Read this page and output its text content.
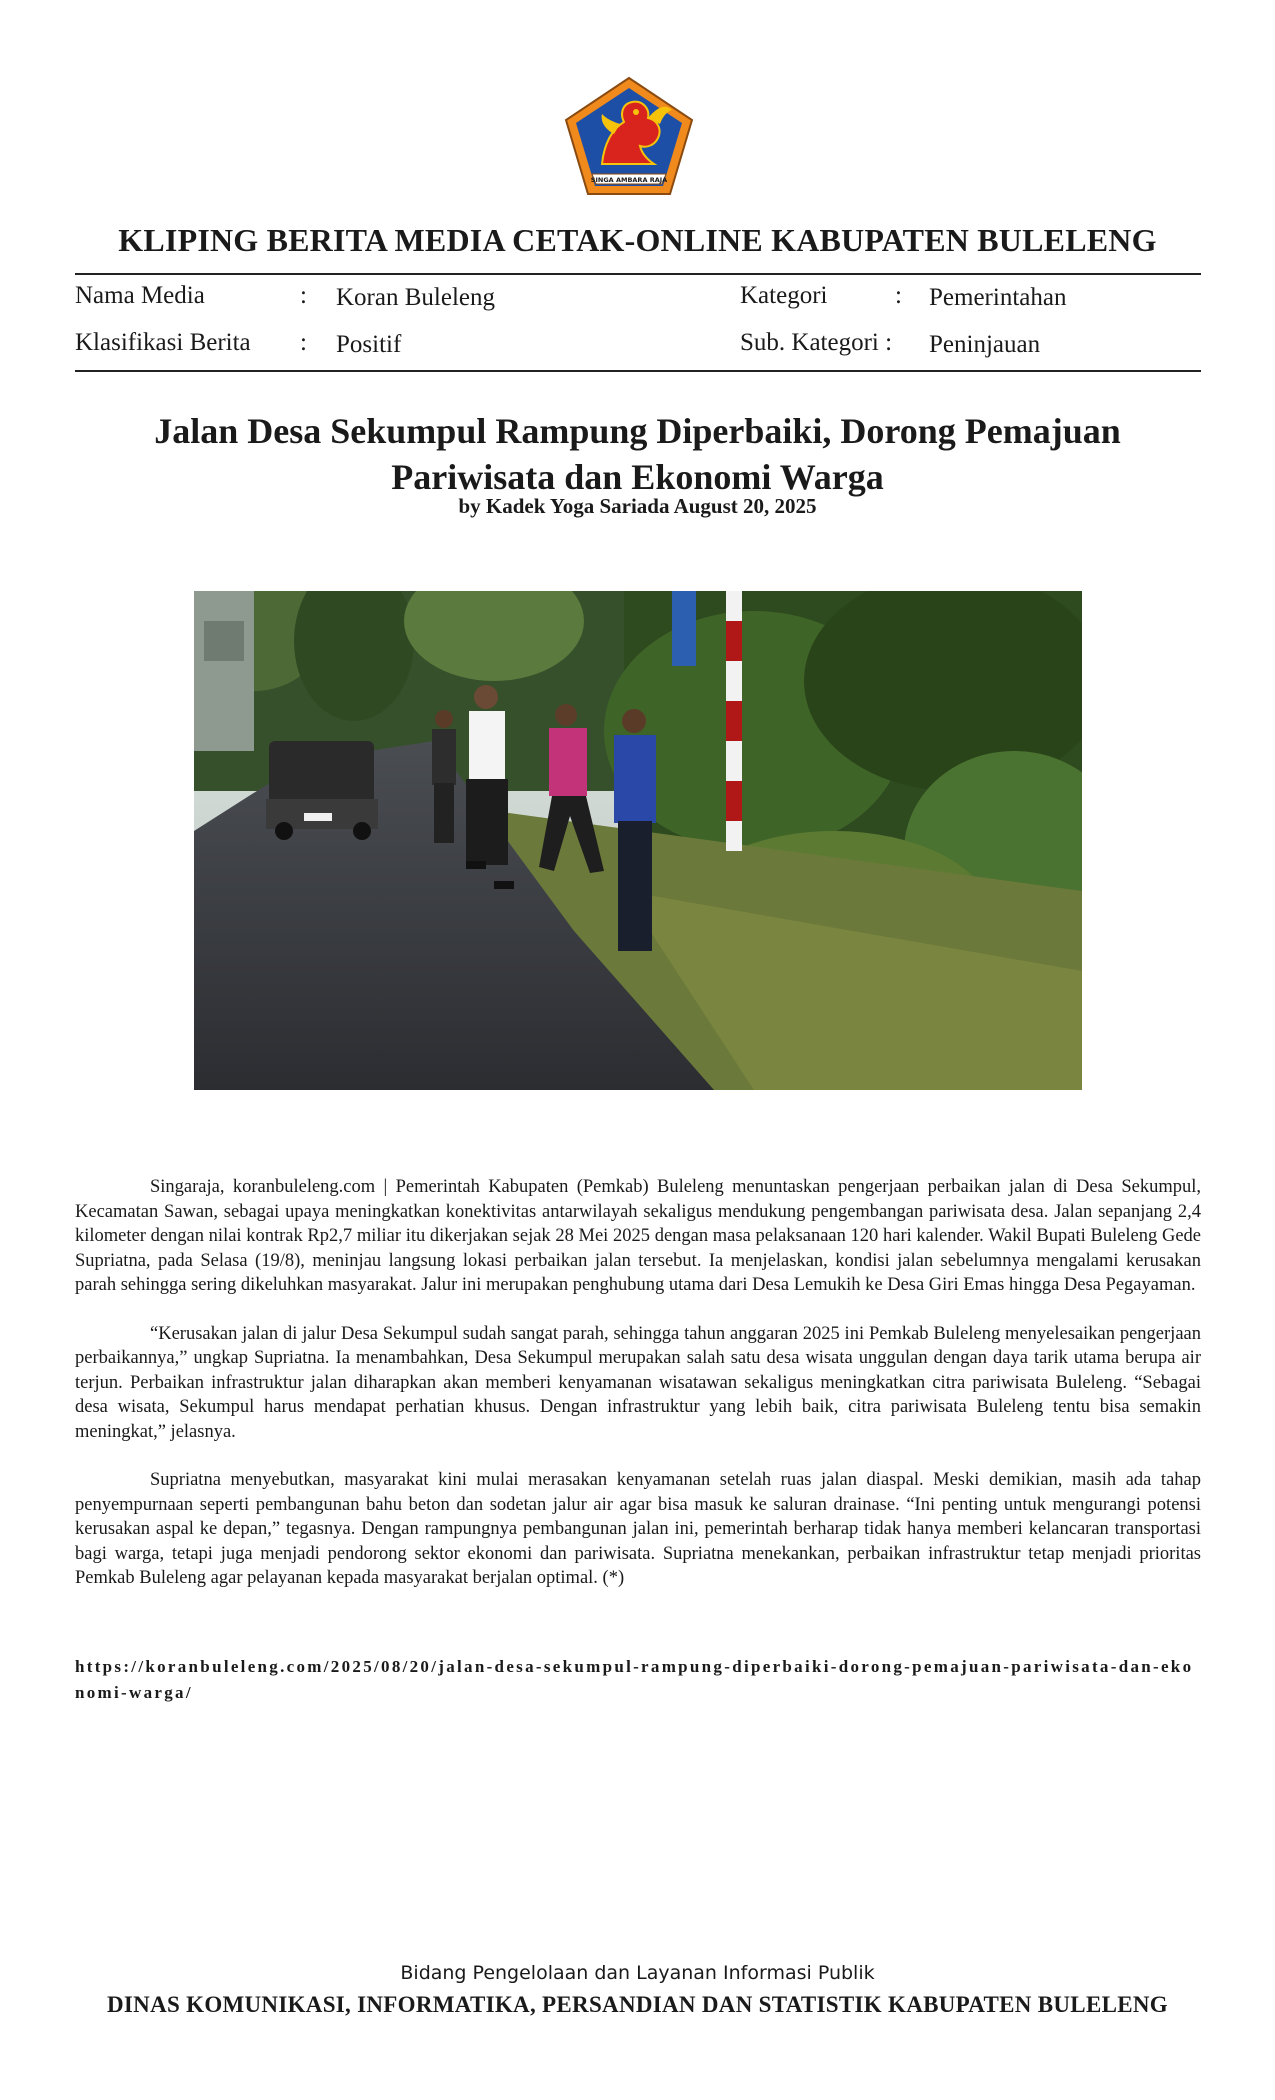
SINGA AMBARA RAJA
KLIPING BERITA MEDIA CETAK-ONLINE KABUPATEN BULELENG
Nama Media	: Koran Buleleng	Kategori	: Pemerintahan
Klasifikasi Berita : Positif	Sub. Kategori : Peninjauan
Jalan Desa Sekumpul Rampung Diperbaiki, Dorong Pemajuan Pariwisata dan Ekonomi Warga
by Kadek Yoga Sariada August 20, 2025

Singaraja, koranbuleleng.com | Pemerintah Kabupaten (Pemkab) Buleleng menuntaskan pengerjaan perbaikan jalan di Desa Sekumpul, Kecamatan Sawan, sebagai upaya meningkatkan konektivitas antarwilayah sekaligus mendukung pengembangan pariwisata desa. Jalan sepanjang 2,4 kilometer dengan nilai kontrak Rp2,7 miliar itu dikerjakan sejak 28 Mei 2025 dengan masa pelaksanaan 120 hari kalender. Wakil Bupati Buleleng Gede Supriatna, pada Selasa (19/8), meninjau langsung lokasi perbaikan jalan tersebut. Ia menjelaskan, kondisi jalan sebelumnya mengalami kerusakan parah sehingga sering dikeluhkan masyarakat. Jalur ini merupakan penghubung utama dari Desa Lemukih ke Desa Giri Emas hingga Desa Pegayaman.

“Kerusakan jalan di jalur Desa Sekumpul sudah sangat parah, sehingga tahun anggaran 2025 ini Pemkab Buleleng menyelesaikan pengerjaan perbaikannya,” ungkap Supriatna. Ia menambahkan, Desa Sekumpul merupakan salah satu desa wisata unggulan dengan daya tarik utama berupa air terjun. Perbaikan infrastruktur jalan diharapkan akan memberi kenyamanan wisatawan sekaligus meningkatkan citra pariwisata Buleleng. “Sebagai desa wisata, Sekumpul harus mendapat perhatian khusus. Dengan infrastruktur yang lebih baik, citra pariwisata Buleleng tentu bisa semakin meningkat,” jelasnya.

Supriatna menyebutkan, masyarakat kini mulai merasakan kenyamanan setelah ruas jalan diaspal. Meski demikian, masih ada tahap penyempurnaan seperti pembangunan bahu beton dan sodetan jalur air agar bisa masuk ke saluran drainase. “Ini penting untuk mengurangi potensi kerusakan aspal ke depan,” tegasnya. Dengan rampungnya pembangunan jalan ini, pemerintah berharap tidak hanya memberi kelancaran transportasi bagi warga, tetapi juga menjadi pendorong sektor ekonomi dan pariwisata. Supriatna menekankan, perbaikan infrastruktur tetap menjadi prioritas Pemkab Buleleng agar pelayanan kepada masyarakat berjalan optimal. (*)

https://koranbuleleng.com/2025/08/20/jalan-desa-sekumpul-rampung-diperbaiki-dorong-pemajuan-pariwisata-dan-ekonomi-warga/
Bidang Pengelolaan dan Layanan Informasi Publik
DINAS KOMUNIKASI, INFORMATIKA, PERSANDIAN DAN STATISTIK KABUPATEN BULELENG
